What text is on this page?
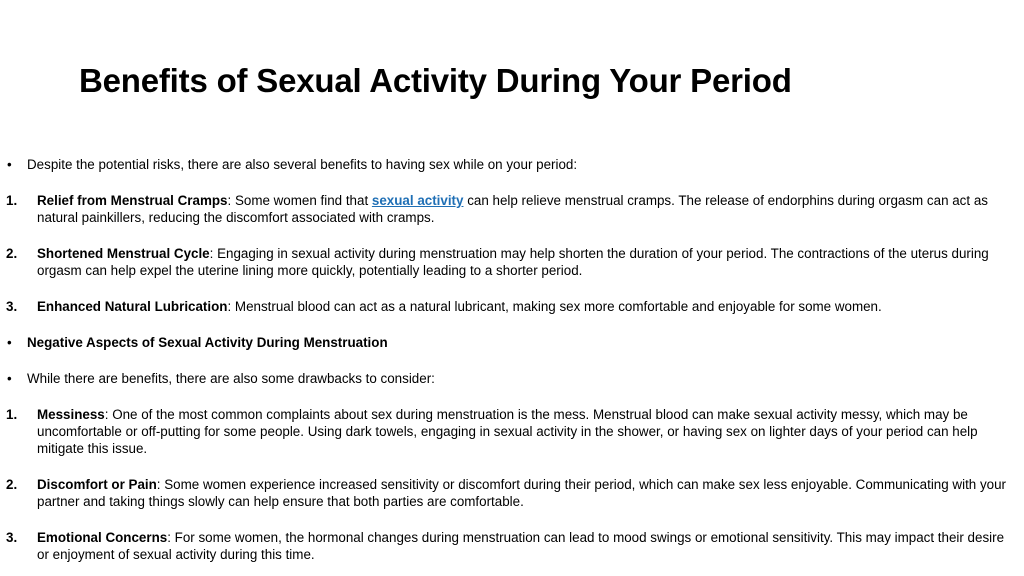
Benefits of Sexual Activity During Your Period
• Despite the potential risks, there are also several benefits to having sex while on your period:
1. Relief from Menstrual Cramps: Some women find that sexual activity can help relieve menstrual cramps. The release of endorphins during orgasm can act as natural painkillers, reducing the discomfort associated with cramps.
2. Shortened Menstrual Cycle: Engaging in sexual activity during menstruation may help shorten the duration of your period. The contractions of the uterus during orgasm can help expel the uterine lining more quickly, potentially leading to a shorter period.
3. Enhanced Natural Lubrication: Menstrual blood can act as a natural lubricant, making sex more comfortable and enjoyable for some women.
• Negative Aspects of Sexual Activity During Menstruation
• While there are benefits, there are also some drawbacks to consider:
1. Messiness: One of the most common complaints about sex during menstruation is the mess. Menstrual blood can make sexual activity messy, which may be uncomfortable or off-putting for some people. Using dark towels, engaging in sexual activity in the shower, or having sex on lighter days of your period can help mitigate this issue.
2. Discomfort or Pain: Some women experience increased sensitivity or discomfort during their period, which can make sex less enjoyable. Communicating with your partner and taking things slowly can help ensure that both parties are comfortable.
3. Emotional Concerns: For some women, the hormonal changes during menstruation can lead to mood swings or emotional sensitivity. This may impact their desire or enjoyment of sexual activity during this time.
